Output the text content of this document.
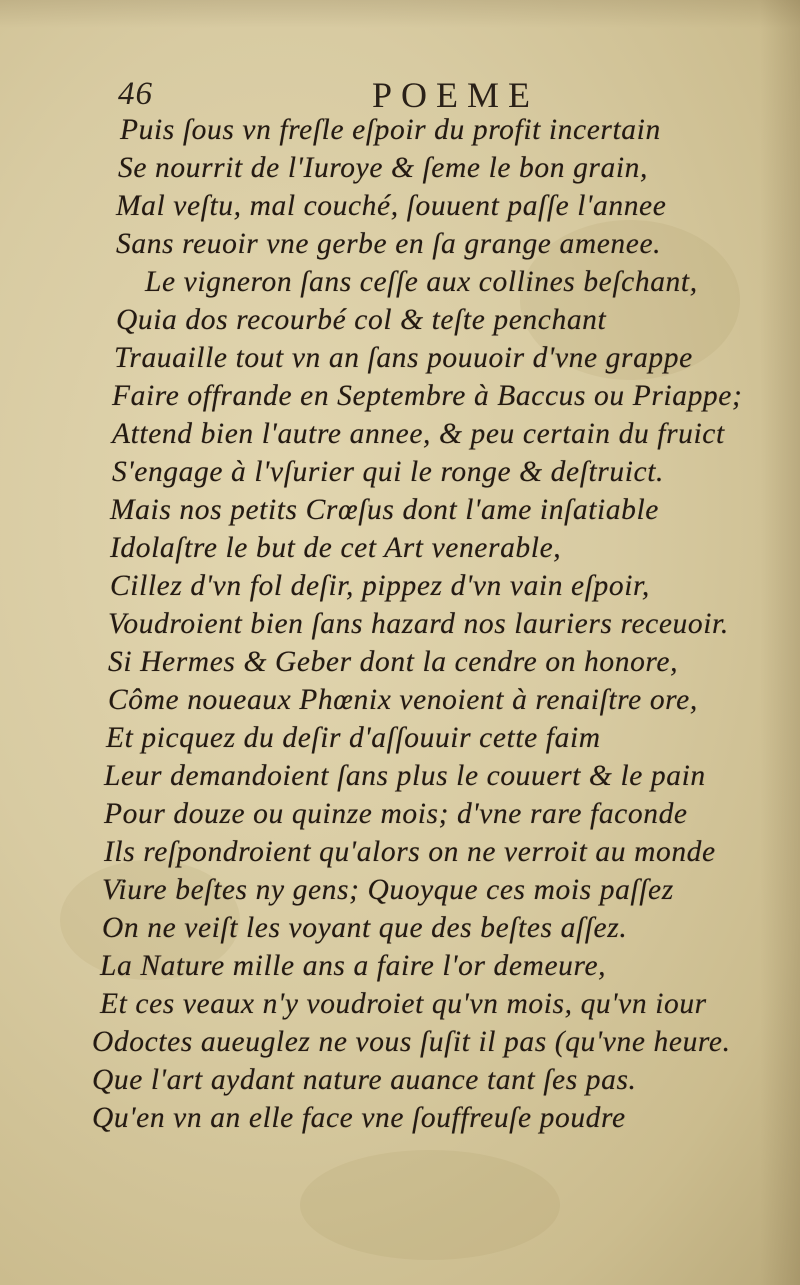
46	POEME
Puis ſous vn freſle eſpoir du profit incertain
Se nourrit de l'Iuroye & ſeme le bon grain,
Mal veſtu, mal couché, ſouuent paſſe l'annee
Sans reuoir vne gerbe en ſa grange amenee.
Le vigneron ſans ceſſe aux collines beſchant,
Quia dos recourbé col & teſte penchant
Trauaille tout vn an ſans pouuoir d'vne grappe
Faire offrande en Septembre à Baccus ou Priappe;
Attend bien l'autre annee, & peu certain du fruict
S'engage à l'vſurier qui le ronge & deſtruict.
Mais nos petits Crœſus dont l'ame inſatiable
Idolaſtre le but de cet Art venerable,
Cillez d'vn fol deſir, pippez d'vn vain eſpoir,
Voudroient bien ſans hazard nos lauriers receuoir.
Si Hermes & Geber dont la cendre on honore,
Côme noueaux Phœnix venoient à renaiſtre ore,
Et picquez du deſir d'aſſouuir cette faim
Leur demandoient ſans plus le couuert & le pain
Pour douze ou quinze mois; d'vne rare faconde
Ils reſpondroient qu'alors on ne verroit au monde
Viure beſtes ny gens; Quoyque ces mois paſſez
On ne veiſt les voyant que des beſtes aſſez.
La Nature mille ans a faire l'or demeure,
Et ces veaux n'y voudroiet qu'vn mois, qu'vn iour
Odoctes aueuglez ne vous ſuſit il pas (qu'vne heure.
Que l'art aydant nature auance tant ſes pas.
Qu'en vn an elle face vne ſouffreuſe poudre
